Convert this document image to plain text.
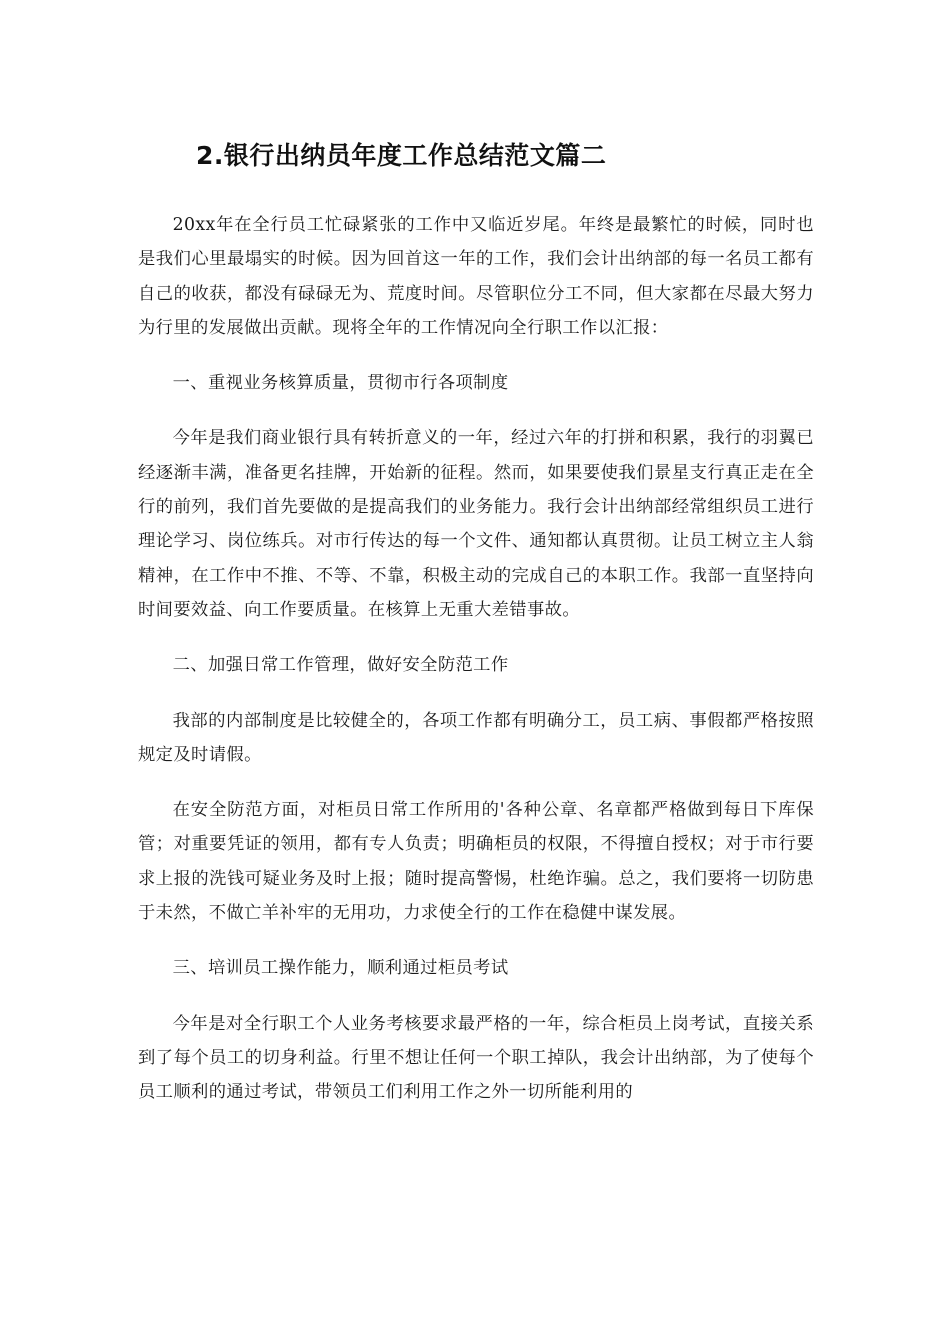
2.银行出纳员年度工作总结范文篇二

20xx年在全行员工忙碌紧张的工作中又临近岁尾。年终是最繁忙的时候，同时也是我们心里最塌实的时候。因为回首这一年的工作，我们会计出纳部的每一名员工都有自己的收获，都没有碌碌无为、荒度时间。尽管职位分工不同，但大家都在尽最大努力为行里的发展做出贡献。现将全年的工作情况向全行职工作以汇报：

一、重视业务核算质量，贯彻市行各项制度

今年是我们商业银行具有转折意义的一年，经过六年的打拼和积累，我行的羽翼已经逐渐丰满，准备更名挂牌，开始新的征程。然而，如果要使我们景星支行真正走在全行的前列，我们首先要做的是提高我们的业务能力。我行会计出纳部经常组织员工进行理论学习、岗位练兵。对市行传达的每一个文件、通知都认真贯彻。让员工树立主人翁精神，在工作中不推、不等、不靠，积极主动的完成自己的本职工作。我部一直坚持向时间要效益、向工作要质量。在核算上无重大差错事故。

二、加强日常工作管理，做好安全防范工作

我部的内部制度是比较健全的，各项工作都有明确分工，员工病、事假都严格按照规定及时请假。

在安全防范方面，对柜员日常工作所用的'各种公章、名章都严格做到每日下库保管；对重要凭证的领用，都有专人负责；明确柜员的权限，不得擅自授权；对于市行要求上报的洗钱可疑业务及时上报；随时提高警惕，杜绝诈骗。总之，我们要将一切防患于未然，不做亡羊补牢的无用功，力求使全行的工作在稳健中谋发展。

三、培训员工操作能力，顺利通过柜员考试

今年是对全行职工个人业务考核要求最严格的一年，综合柜员上岗考试，直接关系到了每个员工的切身利益。行里不想让任何一个职工掉队，我会计出纳部，为了使每个员工顺利的通过考试，带领员工们利用工作之外一切所能利用的
